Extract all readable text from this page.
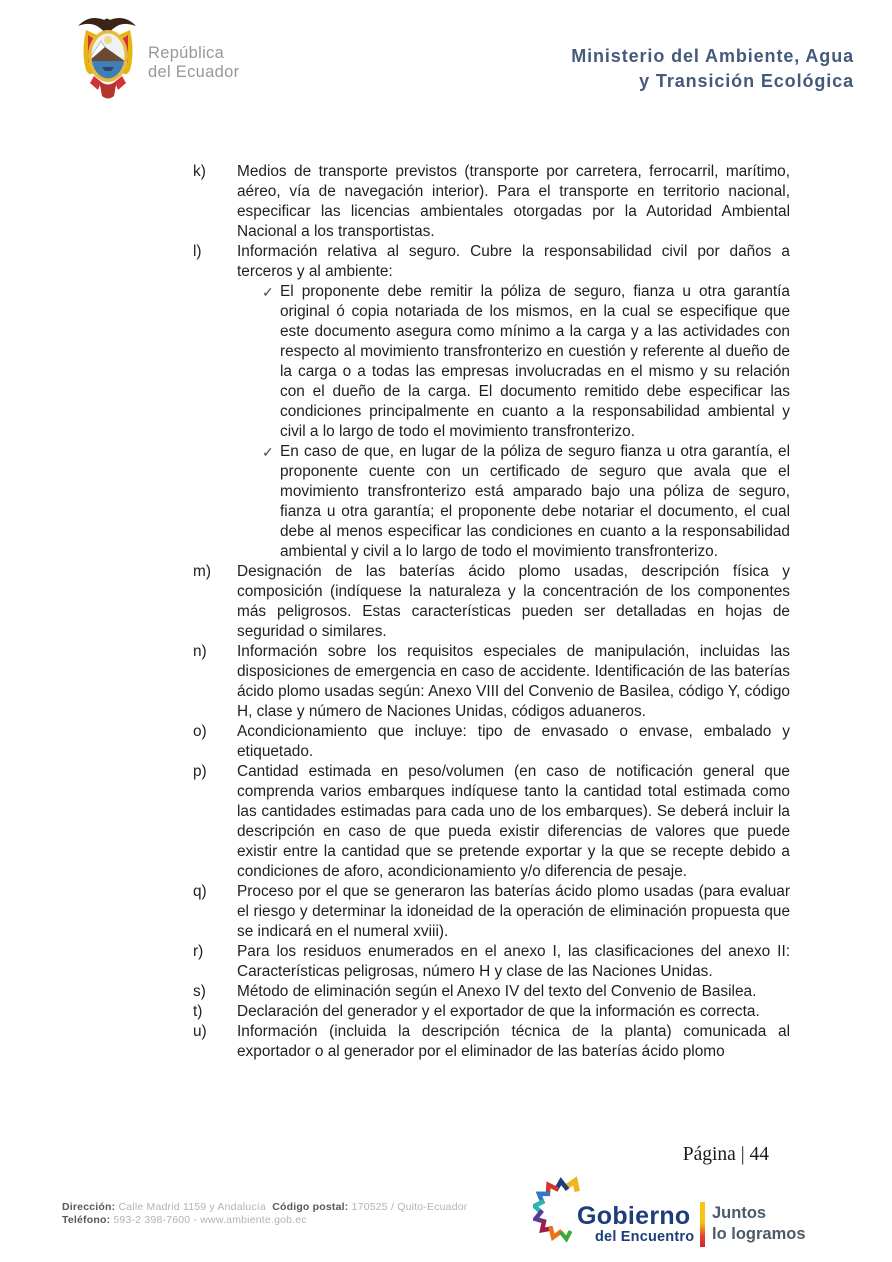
República
del Ecuador
Ministerio del Ambiente, Agua
y Transición Ecológica
k)	Medios de transporte previstos (transporte por carretera, ferrocarril, marítimo, aéreo, vía de navegación interior). Para el transporte en territorio nacional, especificar las licencias ambientales otorgadas por la Autoridad Ambiental Nacional a los transportistas.
l)	Información relativa al seguro. Cubre la responsabilidad civil por daños a terceros y al ambiente:
✓ El proponente debe remitir la póliza de seguro, fianza u otra garantía original ó copia notariada de los mismos, en la cual se especifique que este documento asegura como mínimo a la carga y a las actividades con respecto al movimiento transfronterizo en cuestión y referente al dueño de la carga o a todas las empresas involucradas en el mismo y su relación con el dueño de la carga. El documento remitido debe especificar las condiciones principalmente en cuanto a la responsabilidad ambiental y civil a lo largo de todo el movimiento transfronterizo.
✓ En caso de que, en lugar de la póliza de seguro fianza u otra garantía, el proponente cuente con un certificado de seguro que avala que el movimiento transfronterizo está amparado bajo una póliza de seguro, fianza u otra garantía; el proponente debe notariar el documento, el cual debe al menos especificar las condiciones en cuanto a la responsabilidad ambiental y civil a lo largo de todo el movimiento transfronterizo.
m)	Designación de las baterías ácido plomo usadas, descripción física y composición (indíquese la naturaleza y la concentración de los componentes más peligrosos. Estas características pueden ser detalladas en hojas de seguridad o similares.
n)	Información sobre los requisitos especiales de manipulación, incluidas las disposiciones de emergencia en caso de accidente. Identificación de las baterías ácido plomo usadas según: Anexo VIII del Convenio de Basilea, código Y, código H, clase y número de Naciones Unidas, códigos aduaneros.
o)	Acondicionamiento que incluye: tipo de envasado o envase, embalado y etiquetado.
p)	Cantidad estimada en peso/volumen (en caso de notificación general que comprenda varios embarques indíquese tanto la cantidad total estimada como las cantidades estimadas para cada uno de los embarques). Se deberá incluir la descripción en caso de que pueda existir diferencias de valores que puede existir entre la cantidad que se pretende exportar y la que se recepte debido a condiciones de aforo, acondicionamiento y/o diferencia de pesaje.
q)	Proceso por el que se generaron las baterías ácido plomo usadas (para evaluar el riesgo y determinar la idoneidad de la operación de eliminación propuesta que se indicará en el numeral xviii).
r)	Para los residuos enumerados en el anexo I, las clasificaciones del anexo II: Características peligrosas, número H y clase de las Naciones Unidas.
s)	Método de eliminación según el Anexo IV del texto del Convenio de Basilea.
t)	Declaración del generador y el exportador de que la información es correcta.
u)	Información (incluida la descripción técnica de la planta) comunicada al exportador o al generador por el eliminador de las baterías ácido plomo
Página | 44
Dirección: Calle Madrid 1159 y Andalucía Código postal: 170525 / Quito-Ecuador
Teléfono: 593-2 398-7600 - www.ambiente.gob.ec	Gobierno
del Encuentro
Juntos
lo logramos
